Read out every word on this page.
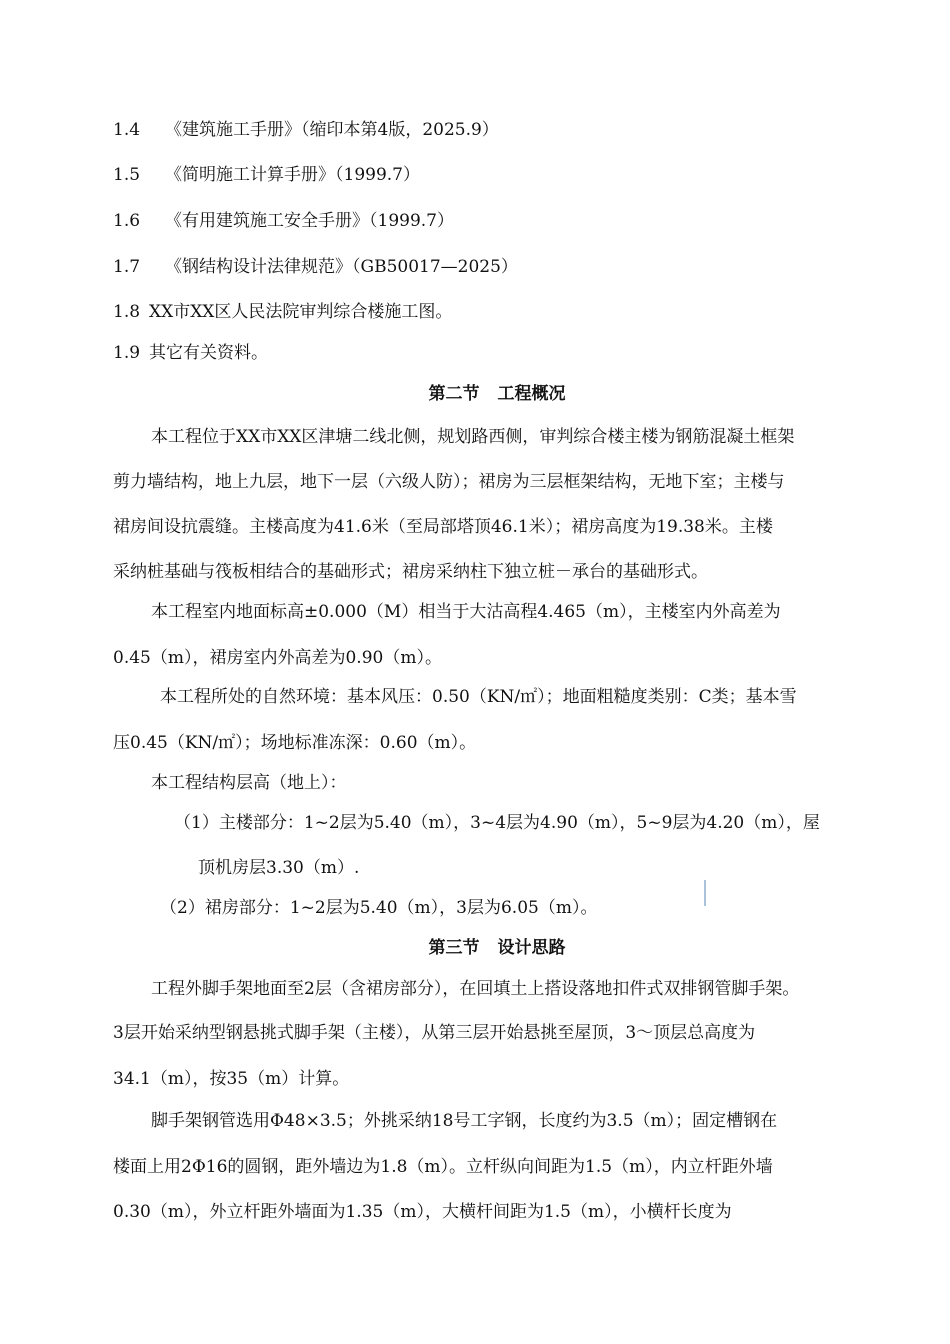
1.4 《建筑施工手册》（缩印本第4版，2025.9）
1.5 《简明施工计算手册》（1999.7）
1.6 《有用建筑施工安全手册》（1999.7）
1.7 《钢结构设计法律规范》（GB50017—2025）
1.8 XX市XX区人民法院审判综合楼施工图。
1.9 其它有关资料。
第二节 工程概况
本工程位于XX市XX区津塘二线北侧，规划路西侧，审判综合楼主楼为钢筋混凝土框架
剪力墙结构，地上九层，地下一层（六级人防）；裙房为三层框架结构，无地下室；主楼与
裙房间设抗震缝。主楼高度为41.6米（至局部塔顶46.1米）；裙房高度为19.38米。主楼
采纳桩基础与筏板相结合的基础形式；裙房采纳柱下独立桩－承台的基础形式。
本工程室内地面标高±0.000（M）相当于大沽高程4.465（m），主楼室内外高差为
0.45（m），裙房室内外高差为0.90（m）。
本工程所处的自然环境：基本风压：0.50（KN/㎡）；地面粗糙度类别：C类；基本雪
压0.45（KN/㎡）；场地标准冻深：0.60（m）。
本工程结构层高（地上）：
（1）主楼部分：1~2层为5.40（m），3~4层为4.90（m），5~9层为4.20（m），屋
顶机房层3.30（m）.
（2）裙房部分：1~2层为5.40（m），3层为6.05（m）。
第三节 设计思路
工程外脚手架地面至2层（含裙房部分），在回填土上搭设落地扣件式双排钢管脚手架。
3层开始采纳型钢悬挑式脚手架（主楼），从第三层开始悬挑至屋顶，3～顶层总高度为
34.1（m），按35（m）计算。
脚手架钢管选用Φ48×3.5；外挑采纳18号工字钢，长度约为3.5（m）；固定槽钢在
楼面上用2Φ16的圆钢，距外墙边为1.8（m）。立杆纵向间距为1.5（m），内立杆距外墙
0.30（m），外立杆距外墙面为1.35（m），大横杆间距为1.5（m），小横杆长度为
